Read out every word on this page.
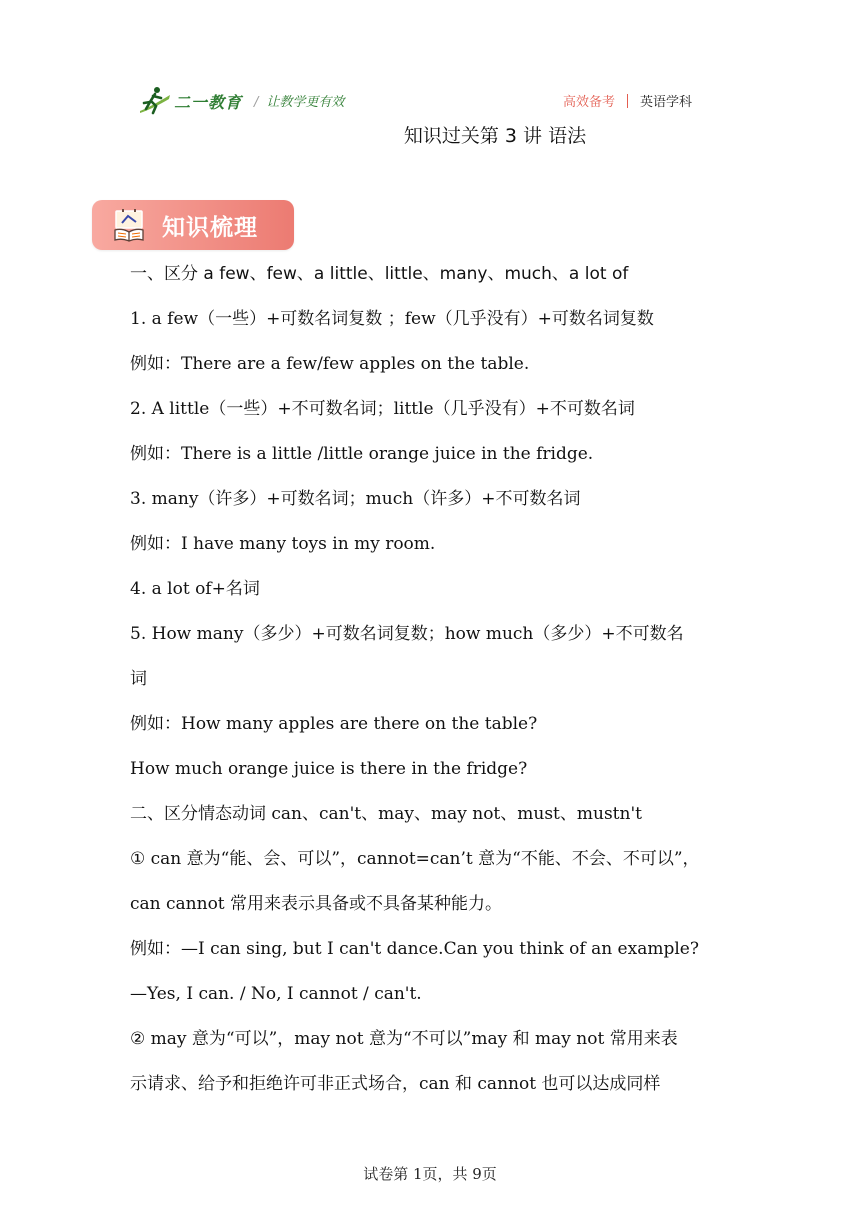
二一教育 / 让教学更有效	高效备考 英语学科
知识过关第 3 讲 语法
知识梳理
一、区分 a few、few、a little、little、many、much、a lot of
1. a few（一些）+可数名词复数 ；few（几乎没有）+可数名词复数
例如：There are a few/few apples on the table.
2. A little（一些）+不可数名词；little（几乎没有）+不可数名词
例如：There is a little /little orange juice in the fridge.
3. many（许多）+可数名词；much（许多）+不可数名词
例如：I have many toys in my room.
4. a lot of+名词
5. How many（多少）+可数名词复数；how much（多少）+不可数名
词
例如：How many apples are there on the table?
How much orange juice is there in the fridge?
二、区分情态动词 can、can't、may、may not、must、mustn't
① can 意为“能、会、可以”，cannot=can’t 意为“不能、不会、不可以”，
can cannot 常用来表示具备或不具备某种能力。
例如：—I can sing, but I can't dance.Can you think of an example?
—Yes, I can. / No, I cannot / can't.
② may 意为“可以”，may not 意为“不可以”may 和 may not 常用来表
示请求、给予和拒绝许可非正式场合，can 和 cannot 也可以达成同样
试卷第 1页，共 9页
